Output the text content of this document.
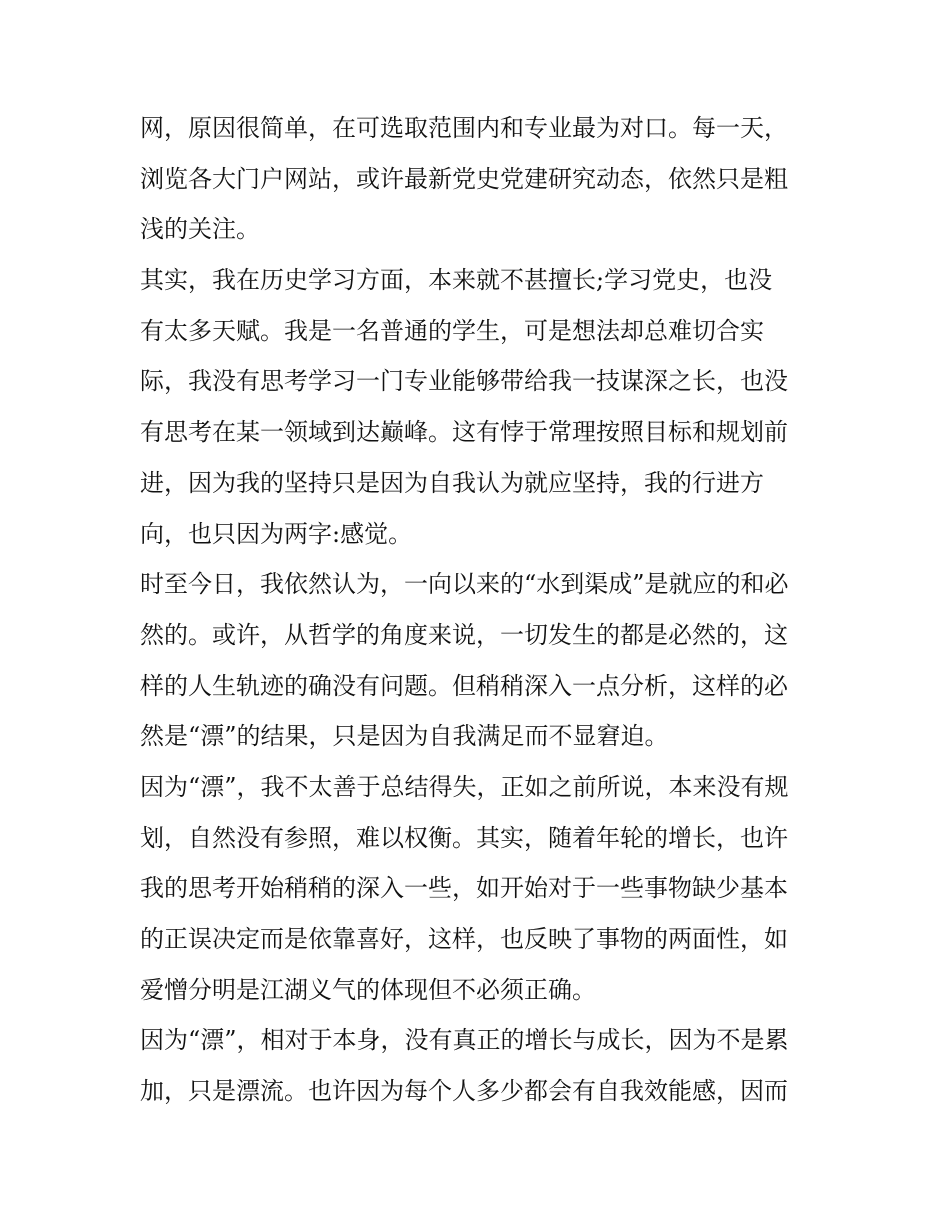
网，原因很简单，在可选取范围内和专业最为对口。每一天，
浏览各大门户网站，或许最新党史党建研究动态，依然只是粗
浅的关注。
其实，我在历史学习方面，本来就不甚擅长;学习党史，也没
有太多天赋。我是一名普通的学生，可是想法却总难切合实
际，我没有思考学习一门专业能够带给我一技谋深之长，也没
有思考在某一领域到达巅峰。这有悖于常理按照目标和规划前
进，因为我的坚持只是因为自我认为就应坚持，我的行进方
向，也只因为两字:感觉。
时至今日，我依然认为，一向以来的“水到渠成”是就应的和必
然的。或许，从哲学的角度来说，一切发生的都是必然的，这
样的人生轨迹的确没有问题。但稍稍深入一点分析，这样的必
然是“漂”的结果，只是因为自我满足而不显窘迫。
因为“漂”，我不太善于总结得失，正如之前所说，本来没有规
划，自然没有参照，难以权衡。其实，随着年轮的增长，也许
我的思考开始稍稍的深入一些，如开始对于一些事物缺少基本
的正误决定而是依靠喜好，这样，也反映了事物的两面性，如
爱憎分明是江湖义气的体现但不必须正确。
因为“漂”，相对于本身，没有真正的增长与成长，因为不是累
加，只是漂流。也许因为每个人多少都会有自我效能感，因而
